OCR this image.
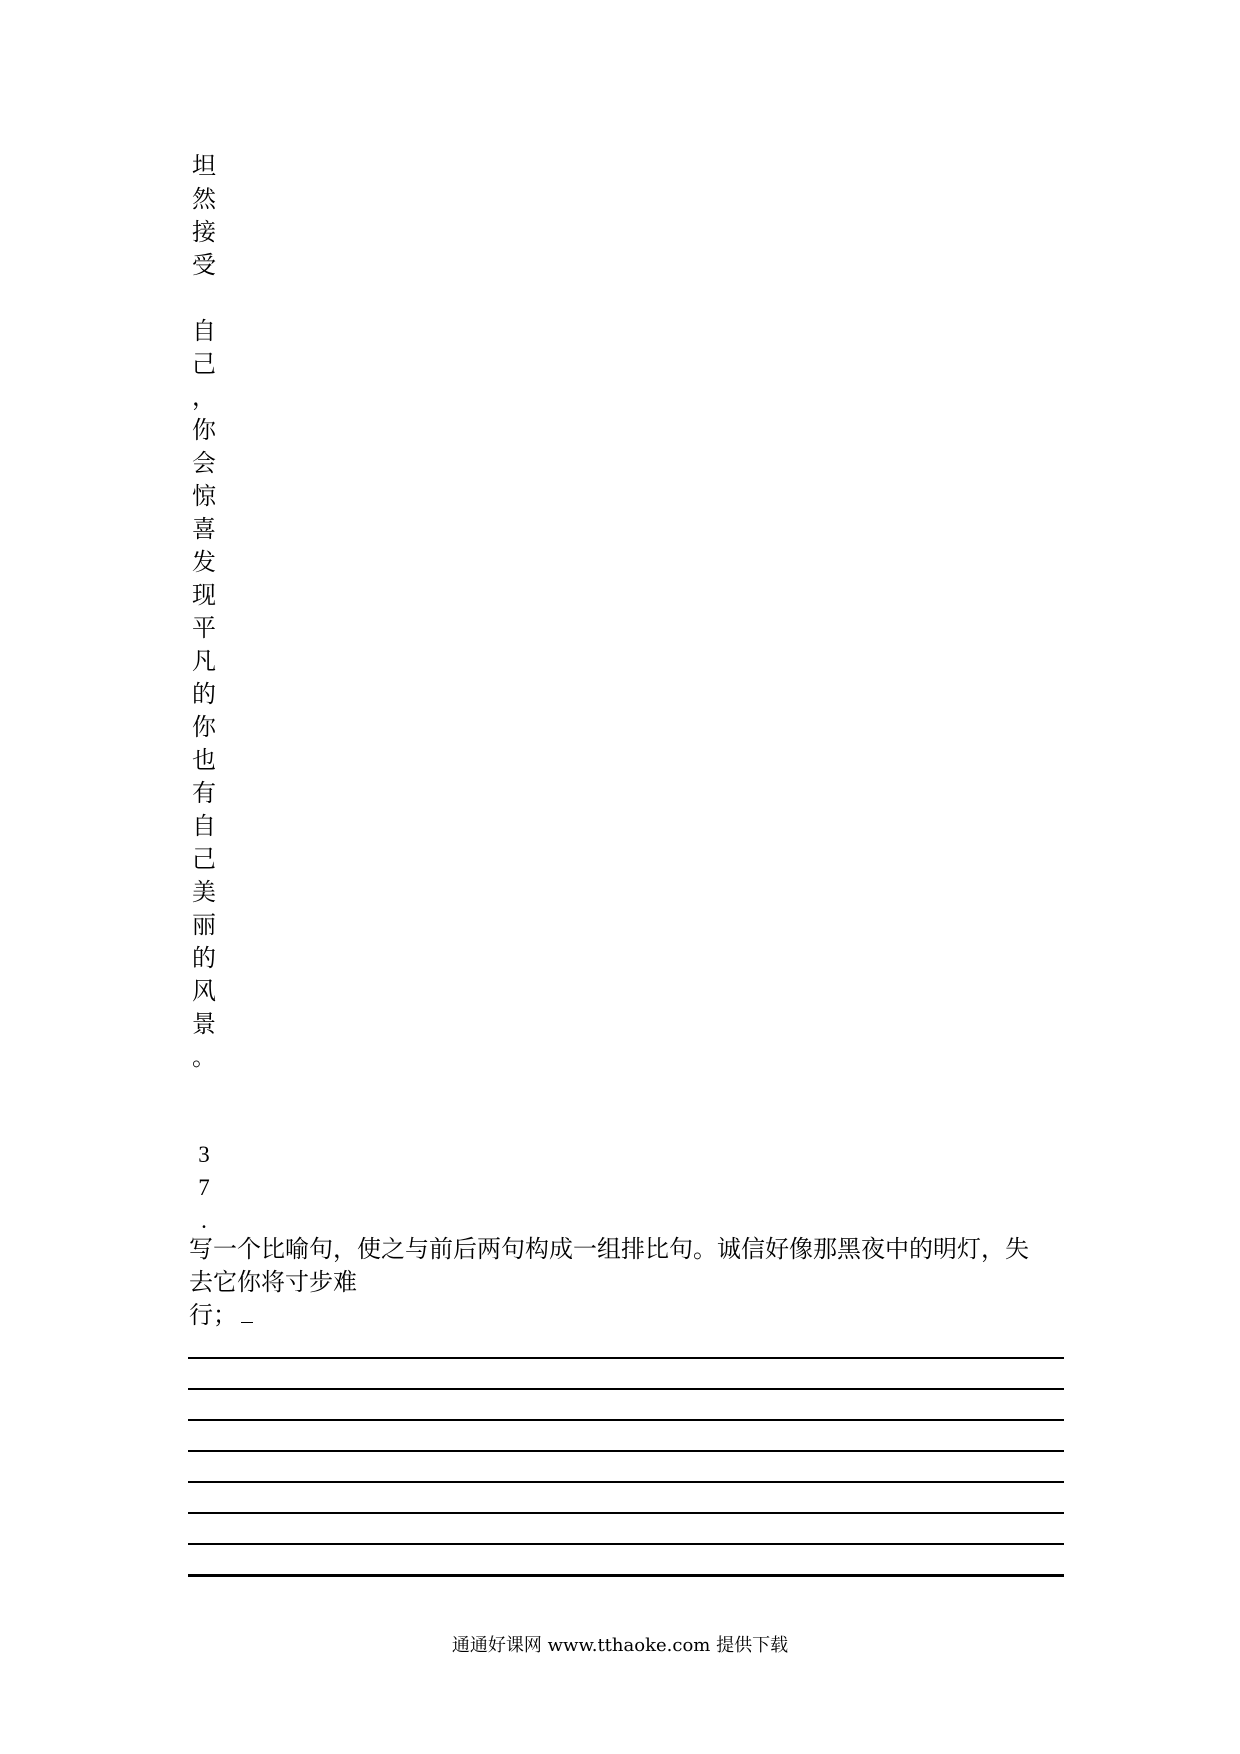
坦
然
接
受
自
己
，
你
会
惊
喜
发
现
平
凡
的
你
也
有
自
己
美
丽
的
风
景
。
3
7
.
写一个比喻句，使之与前后两句构成一组排比句。诚信好像那黑夜中的明灯，失
去它你将寸步难
行；
通通好课网 www.tthaoke.com 提供下载
